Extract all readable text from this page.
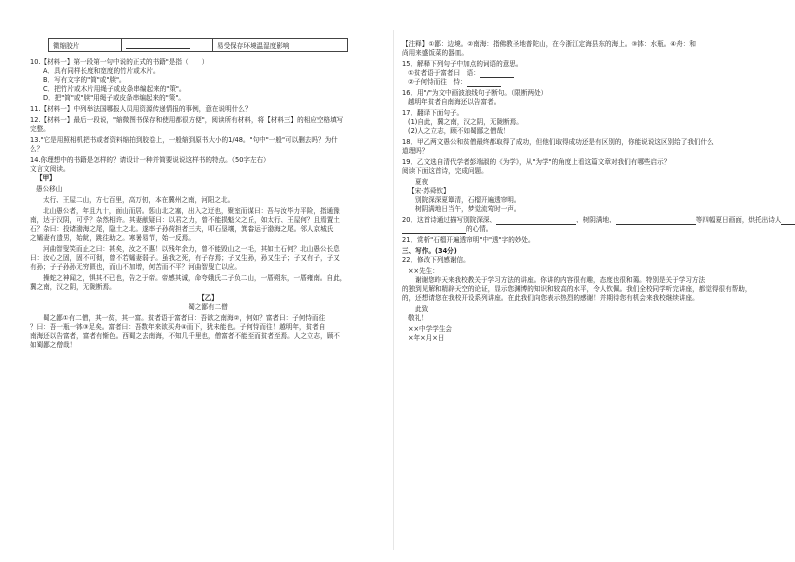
微缩胶片		易受保存环境温湿度影响
10.【材料一】第一段第一句中说的正式的书籍"是指（　　）
A．具有同样长度和宽度的竹片或木片。
B．写有文字的"简"或"牍"。
C．把竹片或木片用绳子或皮条串编起来的"策"。
D．把"简"或"牍"用绳子或皮条串编起来的"策"。
11.【材料一】中列举法国哪报人员用资源传递情报的事例，意在说明什么？
12.【材料一】最后一段说，"缩微图书保存和使用都很方便"，阅读所有材料，将【材料三】的相应空格填写
完整。
13."它是用照相机把书或者资料缩拍到胶卷上，一般缩到原书大小的1/48。"句中"一般"可以删去吗？为什
么？
14.你理想中的书籍是怎样的？请设计一种并简要说说这样书的特点。（50字左右）
文言文阅读。
【甲】
愚公移山
太行、王屋二山，方七百里，高万仞，本在冀州之南，河阳之北。
北山愚公者，年且九十，面山而居。惩山北之塞，出入之迂也，聚室而谋曰：吾与汝毕力平险，指通豫
南，达于汉阴，可乎？杂然相许。其妻献疑曰：以君之力，曾不能损魁父之丘，如太行、王屋何？且焉置土
石？杂曰：投诸渤海之尾，隐土之北。遂率子孙荷担者三夫，叩石垦壤，箕畚运于渤海之尾。邻人京城氏
之孀妻有遗男，始龀，跳往助之。寒暑易节，始一反焉。
河曲智叟笑而止之曰：甚矣，汝之不惠！以残年余力，曾不能毁山之一毛，其如土石何？北山愚公长息
曰：汝心之固，固不可彻，曾不若孀妻弱子。虽我之死，有子存焉；子又生孙，孙又生子；子又有子，子又
有孙；子子孙孙无穷匮也，而山不加增，何苦而不平？河曲智叟亡以应。
操蛇之神闻之，惧其不已也，告之于帝。帝感其诚，命夸娥氏二子负二山，一厝朔东，一厝雍南。自此，
冀之南，汉之阴，无陇断焉。
【乙】
蜀之鄙有二僧
蜀之鄙①有二僧，其一贫，其一富。贫者语于富者曰：吾欲之南海②，何如？富者曰：子何恃而往
？曰：吾一瓶一钵③足矣。富者曰：吾数年来欲买舟④而下，犹未能也。子何恃而往！越明年，贫者自
南海还以告富者，富者有惭色。西蜀之去南海，不知几千里也，僧富者不能至而贫者至焉。人之立志，顾不
如蜀鄙之僧哉！
【注释】①鄙：边境。②南海：指佛教圣地普陀山，在今浙江定海县东的海上。③钵：水瓶。④舟：和
尚用来盛饭菜的器皿。
15．解释下列句子中加点的词语的意思。
①贫者语于富者曰　语：
②子何恃而往　恃：
16．用"/"为文中画波浪线句子断句。（限断两处）
越明年贫者自南海还以告富者。
17．翻译下面句子。
(1)自此，冀之南，汉之阴，无陇断焉。
(2)人之立志，顾不如蜀鄙之僧哉！
18．甲乙两文愚公和贫僧最终都取得了成功，但他们取得成功还是有区别的，你能说说这区别给了我们什么
道理吗？
19．乙文选自清代学者彭端淑的《为学》，从"为学"的角度上看这篇文章对我们有哪些启示？
阅读下面这首诗，完成问题。
夏夜
【宋·苏舜钦】
别院深深夏簟清，石榴开遍透帘明。
树阴满地日当午，梦觉流莺时一声。
20．这首诗通过描写别院深深、	、树阴满地、	等四幅夏日画面，烘托出诗人
的心情。
21．赏析"石榴开遍透帘明"中"透"字的妙处。
三、写作。(34分)
22．修改下列感谢信。
××先生：
谢谢您昨天来我校教关于学习方法的讲座。你讲的内容很有趣，态度也很和蔼。特别是关于学习方法
的独到见解和精辟天空的论证，显示您渊博的知识和较高的水平，令人钦佩。我们全校同学听完讲座，都觉得很有帮助，
的，还想请您在我校开设系列讲座。在此我们向您表示热烈的感谢！并期待您有机会来我校继续讲座。
此致
敬礼！
××中学学生会
×年×月×日
